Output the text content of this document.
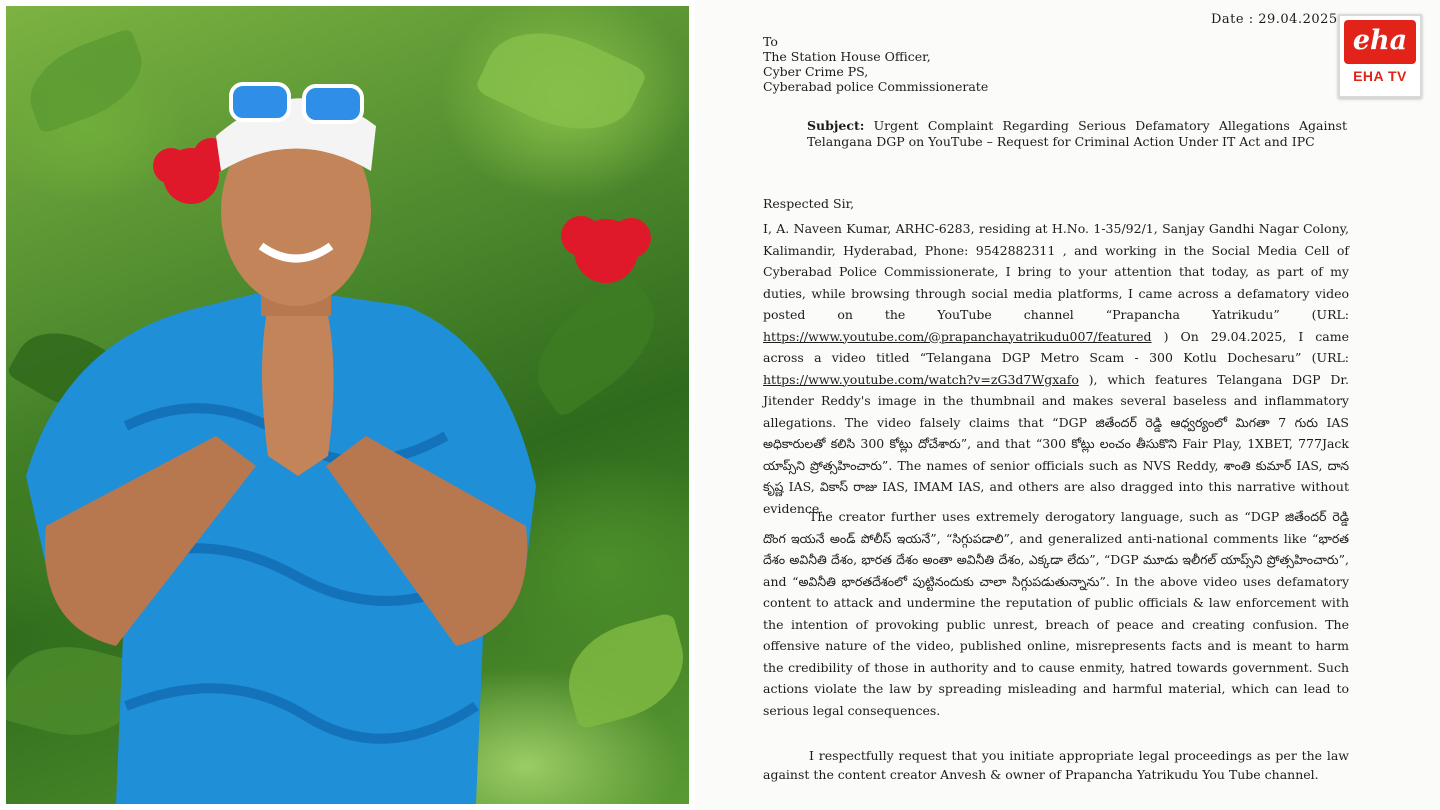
Date : 29.04.2025
To
The Station House Officer,
Cyber Crime PS,
Cyberabad police Commissionerate
Subject: Urgent Complaint Regarding Serious Defamatory Allegations Against Telangana DGP on YouTube – Request for Criminal Action Under IT Act and IPC
Respected Sir,
I, A. Naveen Kumar, ARHC-6283, residing at H.No. 1-35/92/1, Sanjay Gandhi Nagar Colony, Kalimandir, Hyderabad, Phone: 9542882311 , and working in the Social Media Cell of Cyberabad Police Commissionerate, I bring to your attention that today, as part of my duties, while browsing through social media platforms, I came across a defamatory video posted on the YouTube channel “Prapancha Yatrikudu” (URL: https://www.youtube.com/@prapanchayatrikudu007/featured ) On 29.04.2025, I came across a video titled “Telangana DGP Metro Scam - 300 Kotlu Dochesaru” (URL: https://www.youtube.com/watch?v=zG3d7Wgxafo ), which features Telangana DGP Dr. Jitender Reddy's image in the thumbnail and makes several baseless and inflammatory allegations. The video falsely claims that “DGP జితేందర్ రెడ్డి ఆధ్వర్యంలో మిగతా 7 గురు IAS అధికారులతో కలిసి 300 కోట్లు దోచేశారు”, and that “300 కోట్లు లంచం తీసుకొని Fair Play, 1XBET, 777Jack యాప్స్‌ని ప్రోత్సహించారు”. The names of senior officials such as NVS Reddy, శాంతి కుమార్ IAS, దాన కృష్ణ IAS, వికాస్ రాజు IAS, IMAM IAS, and others are also dragged into this narrative without evidence.
The creator further uses extremely derogatory language, such as “DGP జితేందర్ రెడ్డి దొంగ ఇయనే అండ్ పోలీస్ ఇయనే”, “సిగ్గుపడాలి”, and generalized anti-national comments like “భారత దేశం అవినీతి దేశం, భారత దేశం అంతా అవినీతి దేశం, ఎక్కడా లేదు”, “DGP మూడు ఇలీగల్ యాప్స్‌ని ప్రోత్సహించారు”, and “అవినీతి భారతదేశంలో పుట్టినందుకు చాలా సిగ్గుపడుతున్నాను”. In the above video uses defamatory content to attack and undermine the reputation of public officials & law enforcement with the intention of provoking public unrest, breach of peace and creating confusion. The offensive nature of the video, published online, misrepresents facts and is meant to harm the credibility of those in authority and to cause enmity, hatred towards government. Such actions violate the law by spreading misleading and harmful material, which can lead to serious legal consequences.
I respectfully request that you initiate appropriate legal proceedings as per the law against the content creator Anvesh & owner of Prapancha Yatrikudu You Tube channel.
eha
EHA TV
